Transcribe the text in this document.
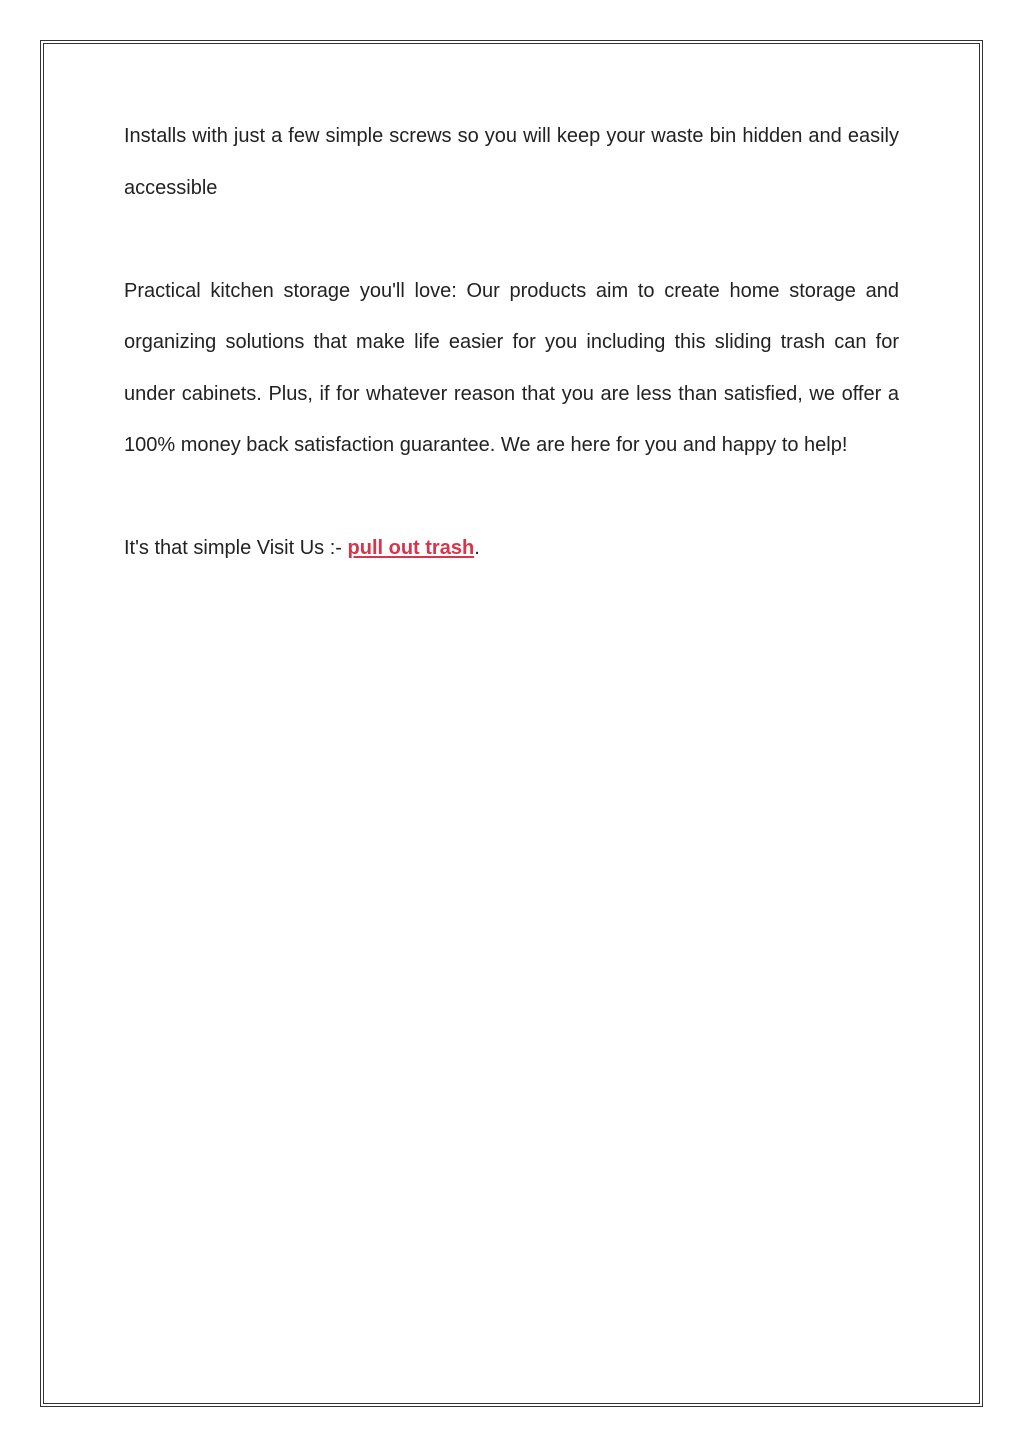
Installs with just a few simple screws so you will keep your waste bin hidden and easily accessible

Practical kitchen storage you'll love: Our products aim to create home storage and organizing solutions that make life easier for you including this sliding trash can for under cabinets. Plus, if for whatever reason that you are less than satisfied, we offer a 100% money back satisfaction guarantee. We are here for you and happy to help!

It's that simple Visit Us :- pull out trash.
